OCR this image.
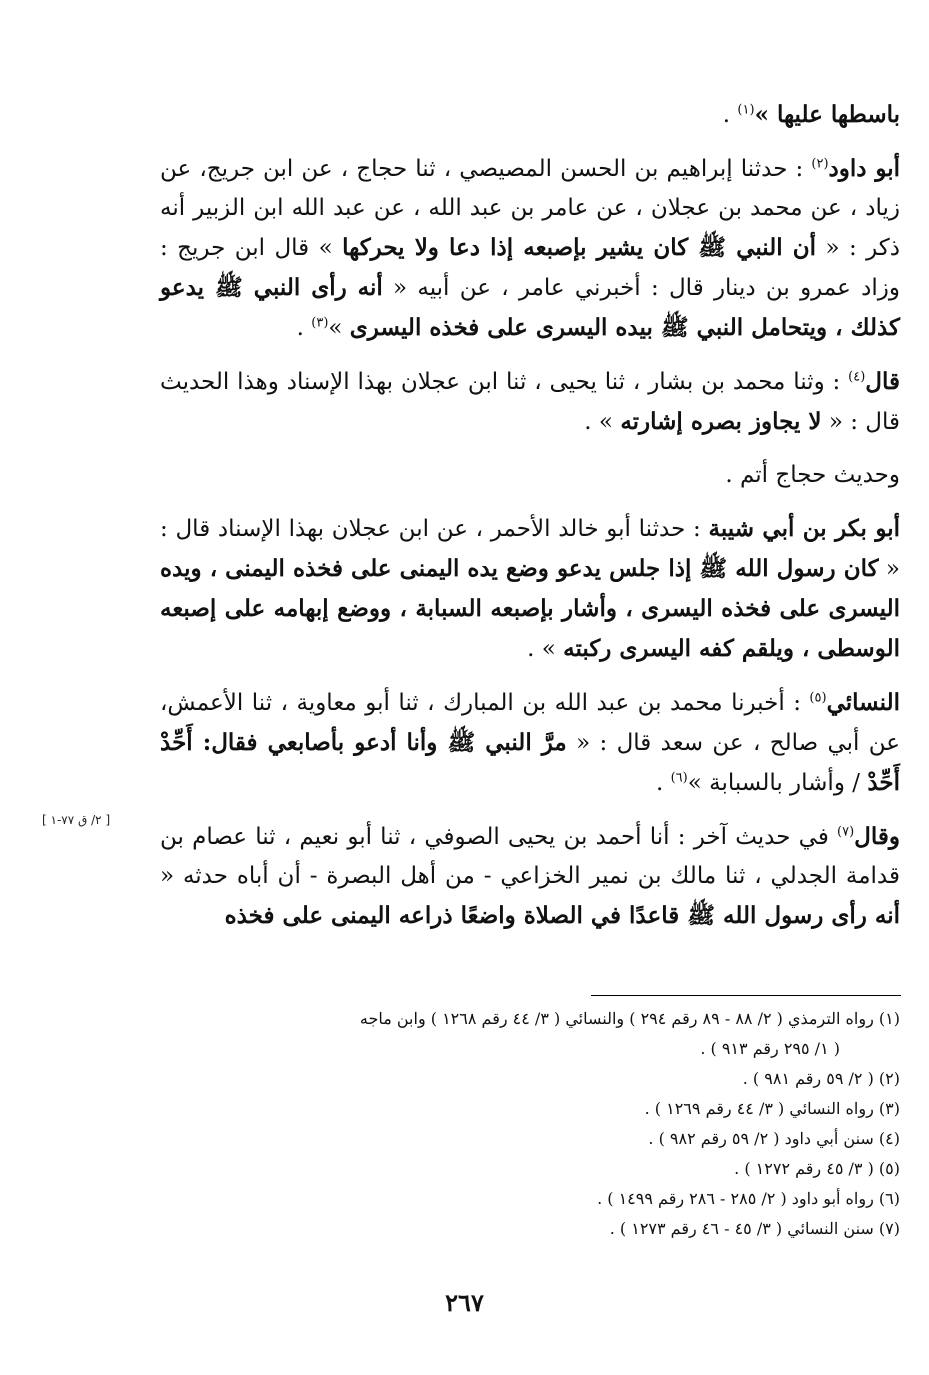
باسطها عليها »$^{(١)}$ .

أبو داود$^{(٢)}$ : حدثنا إبراهيم بن الحسن المصيصي ، ثنا حجاج ، عن ابن جريج، عن زياد ، عن محمد بن عجلان ، عن عامر بن عبد الله ، عن عبد الله ابن الزبير أنه ذكر : « أن النبي ﷺ كان يشير بإصبعه إذا دعا ولا يحركها » قال ابن جريج : وزاد عمرو بن دينار قال : أخبرني عامر ، عن أبيه « أنه رأى النبي ﷺ يدعو كذلك ، ويتحامل النبي ﷺ بيده اليسرى على فخذه اليسرى »$^{(٣)}$ .

قال$^{(٤)}$ : وثنا محمد بن بشار ، ثنا يحيى ، ثنا ابن عجلان بهذا الإسناد وهذا الحديث قال : « لا يجاوز بصره إشارته » .

وحديث حجاج أتم .

أبو بكر بن أبي شيبة : حدثنا أبو خالد الأحمر ، عن ابن عجلان بهذا الإسناد قال : « كان رسول الله ﷺ إذا جلس يدعو وضع يده اليمنى على فخذه اليمنى ، ويده اليسرى على فخذه اليسرى ، وأشار بإصبعه السبابة ، ووضع إبهامه على إصبعه الوسطى ، ويلقم كفه اليسرى ركبته » .

النسائي$^{(٥)}$ : أخبرنا محمد بن عبد الله بن المبارك ، ثنا أبو معاوية ، ثنا الأعمش، عن أبي صالح ، عن سعد قال : « مرَّ النبي ﷺ وأنا أدعو بأصابعي فقال: أَحِّدْ أَحِّدْ / وأشار بالسبابة »$^{(٦)}$ .

وقال$^{(٧)}$ في حديث آخر : أنا أحمد بن يحيى الصوفي ، ثنا أبو نعيم ، ثنا عصام بن قدامة الجدلي ، ثنا مالك بن نمير الخزاعي - من أهل البصرة - أن أباه حدثه « أنه رأى رسول الله ﷺ قاعدًا في الصلاة واضعًا ذراعه اليمنى على فخذه

[ ٢/ ق ٧٧-١ ]
(١) رواه الترمذي ( ٢/ ٨٨ - ٨٩ رقم ٢٩٤ ) والنسائي ( ٣/ ٤٤ رقم ١٢٦٨ ) وابن ماجه
( ١/ ٢٩٥ رقم ٩١٣ ) .
(٢) ( ٢/ ٥٩ رقم ٩٨١ ) .
(٣) رواه النسائي ( ٣/ ٤٤ رقم ١٢٦٩ ) .
(٤) سنن أبي داود ( ٢/ ٥٩ رقم ٩٨٢ ) .
(٥) ( ٣/ ٤٥ رقم ١٢٧٢ ) .
(٦) رواه أبو داود ( ٢/ ٢٨٥ - ٢٨٦ رقم ١٤٩٩ ) .
(٧) سنن النسائي ( ٣/ ٤٥ - ٤٦ رقم ١٢٧٣ ) .
٢٦٧
